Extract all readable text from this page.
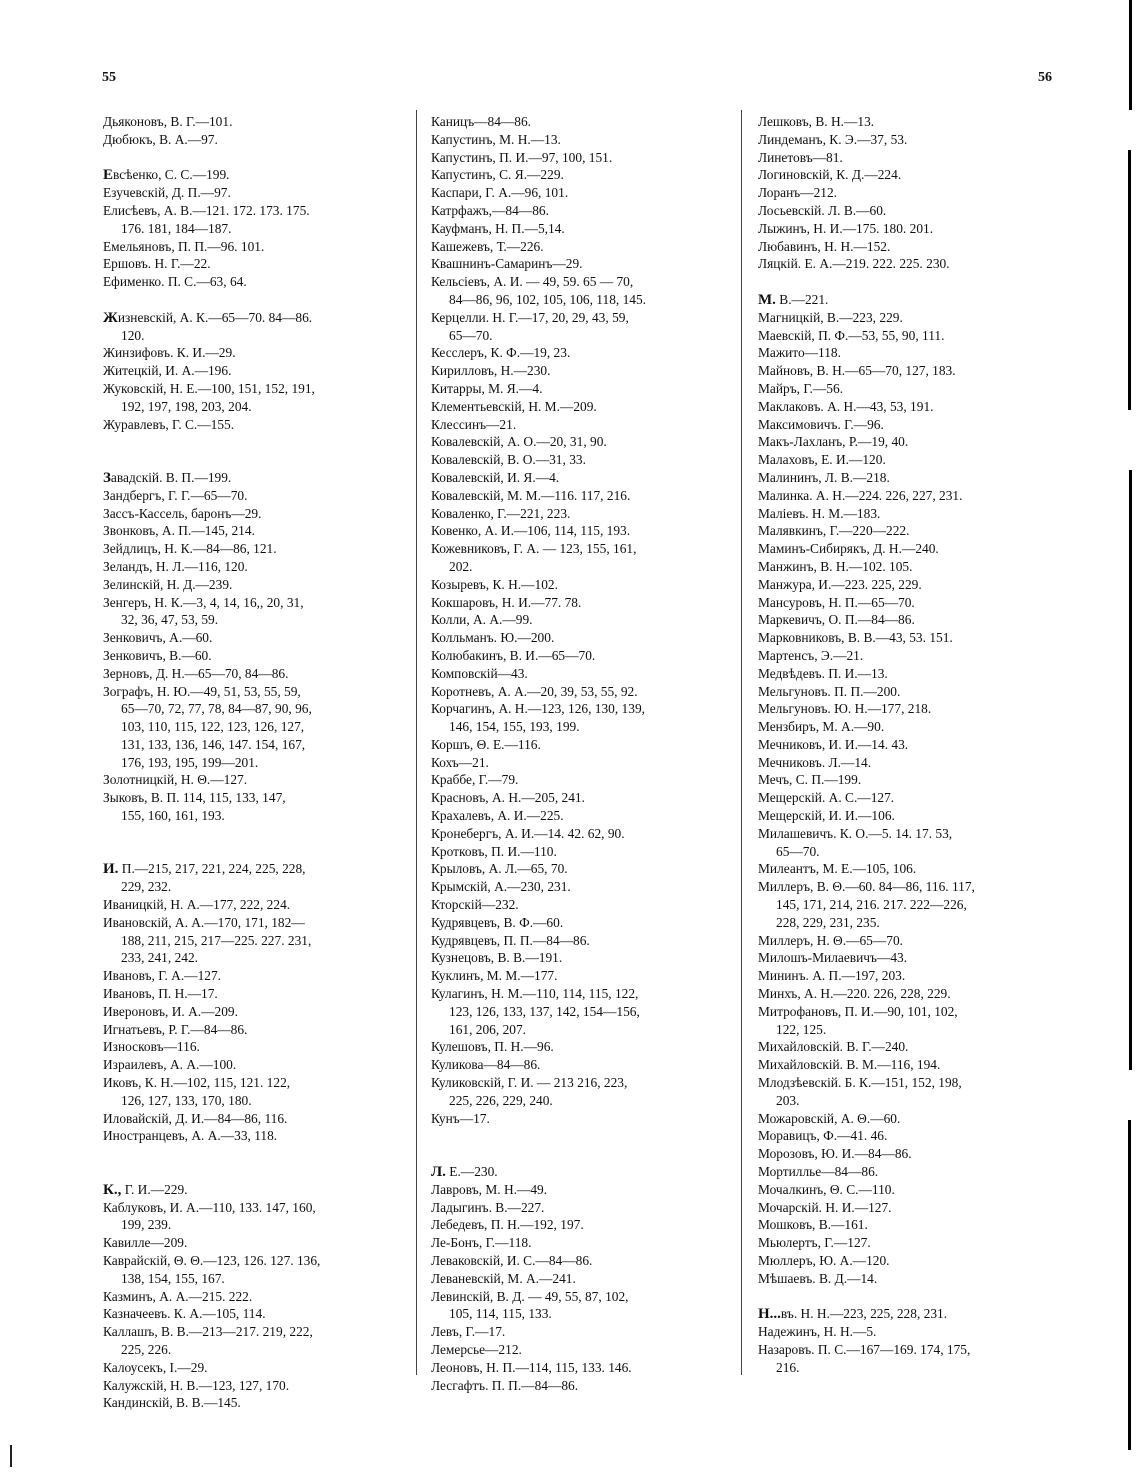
55	56
Дьяконовъ, В. Г.—101.
Дюбюкъ, В. А.—97.
Евсѣенко, С. С.—199.
Езучевскій, Д. П.—97.
Елисѣевъ, А. В.—121. 172. 173. 175.
176. 181, 184—187.
Емельяновъ, П. П.—96. 101.
Ершовъ. Н. Г.—22.
Ефименко. П. С.—63, 64.
Жизневскій, А. К.—65—70. 84—86.
120.
Жинзифовъ. К. И.—29.
Житецкій, И. А.—196.
Жуковскій, Н. Е.—100, 151, 152, 191,
192, 197, 198, 203, 204.
Журавлевъ, Г. С.—155.
Завадскій. В. П.—199.
Зандбергъ, Г. Г.—65—70.
Зассъ-Кассель, баронъ—29.
Звонковъ, А. П.—145, 214.
Зейдлицъ, Н. К.—84—86, 121.
Зеландъ, Н. Л.—116, 120.
Зелинскій, Н. Д.—239.
Зенгеръ, Н. К.—3, 4, 14, 16,, 20, 31,
32, 36, 47, 53, 59.
Зенковичъ, А.—60.
Зенковичъ, В.—60.
Зерновъ, Д. Н.—65—70, 84—86.
Зографъ, Н. Ю.—49, 51, 53, 55, 59,
65—70, 72, 77, 78, 84—87, 90, 96,
103, 110, 115, 122, 123, 126, 127,
131, 133, 136, 146, 147. 154, 167,
176, 193, 195, 199—201.
Золотницкій, Н. Θ.—127.
Зыковъ, В. П. 114, 115, 133, 147,
155, 160, 161, 193.
И. П.—215, 217, 221, 224, 225, 228,
229, 232.
Иваницкій, Н. А.—177, 222, 224.
Ивановскій, А. А.—170, 171, 182—
188, 211, 215, 217—225. 227. 231,
233, 241, 242.
Ивановъ, Г. А.—127.
Ивановъ, П. Н.—17.
Ивероновъ, И. А.—209.
Игнатьевъ, Р. Г.—84—86.
Износковъ—116.
Израилевъ, А. А.—100.
Иковъ, К. Н.—102, 115, 121. 122,
126, 127, 133, 170, 180.
Иловайскій, Д. И.—84—86, 116.
Иностранцевъ, А. А.—33, 118.
К., Г. И.—229.
Каблуковъ, И. А.—110, 133. 147, 160,
199, 239.
Кавилле—209.
Каврайскій, Θ. Θ.—123, 126. 127. 136,
138, 154, 155, 167.
Казминъ, А. А.—215. 222.
Казначеевъ. К. А.—105, 114.
Каллашъ, В. В.—213—217. 219, 222,
225, 226.
Калоусекъ, I.—29.
Калужскій, Н. В.—123, 127, 170.
Кандинскій, В. В.—145.
Каницъ—84—86.
Капустинъ, М. Н.—13.
Капустинъ, П. И.—97, 100, 151.
Капустинъ, С. Я.—229.
Каспари, Г. А.—96, 101.
Катрфажъ,—84—86.
Кауфманъ, Н. П.—5,14.
Кашежевъ, Т.—226.
Квашнинъ-Самаринъ—29.
Кельсіевъ, А. И. — 49, 59. 65 — 70,
84—86, 96, 102, 105, 106, 118, 145.
Керцелли. Н. Г.—17, 20, 29, 43, 59,
65—70.
Кесслеръ, К. Ф.—19, 23.
Кирилловъ, Н.—230.
Китарры, М. Я.—4.
Клементьевскій, Н. М.—209.
Клессинъ—21.
Ковалевскій, А. О.—20, 31, 90.
Ковалевскій, В. О.—31, 33.
Ковалевскій, И. Я.—4.
Ковалевскій, М. М.—116. 117, 216.
Коваленко, Г.—221, 223.
Ковенко, А. И.—106, 114, 115, 193.
Кожевниковъ, Г. А. — 123, 155, 161,
202.
Козыревъ, К. Н.—102.
Кокшаровъ, Н. И.—77. 78.
Колли, А. А.—99.
Колльманъ. Ю.—200.
Колюбакинъ, В. И.—65—70.
Комповскій—43.
Коротневъ, А. А.—20, 39, 53, 55, 92.
Корчагинъ, А. Н.—123, 126, 130, 139,
146, 154, 155, 193, 199.
Коршъ, Θ. Е.—116.
Кохъ—21.
Краббе, Г.—79.
Красновъ, А. Н.—205, 241.
Крахалевъ, А. И.—225.
Кронебергъ, А. И.—14. 42. 62, 90.
Кротковъ, П. И.—110.
Крыловъ, А. Л.—65, 70.
Крымскій, А.—230, 231.
Кторскій—232.
Кудрявцевъ, В. Ф.—60.
Кудрявцевъ, П. П.—84—86.
Кузнецовъ, В. В.—191.
Куклинъ, М. М.—177.
Кулагинъ, Н. М.—110, 114, 115, 122,
123, 126, 133, 137, 142, 154—156,
161, 206, 207.
Кулешовъ, П. Н.—96.
Куликова—84—86.
Куликовскій, Г. И. — 213 216, 223,
225, 226, 229, 240.
Кунъ—17.
Л. Е.—230.
Лавровъ, М. Н.—49.
Ладыгинъ. В.—227.
Лебедевъ, П. Н.—192, 197.
Ле-Бонъ, Г.—118.
Леваковскій, И. С.—84—86.
Леваневскій, М. А.—241.
Левинскій, В. Д. — 49, 55, 87, 102,
105, 114, 115, 133.
Левъ, Г.—17.
Лемерсье—212.
Леоновъ, Н. П.—114, 115, 133. 146.
Лесгафтъ. П. П.—84—86.
Лешковъ, В. Н.—13.
Линдеманъ, К. Э.—37, 53.
Линетовъ—81.
Логиновскій, К. Д.—224.
Лоранъ—212.
Лосьевскій. Л. В.—60.
Лыжинъ, Н. И.—175. 180. 201.
Любавинъ, Н. Н.—152.
Ляцкій. Е. А.—219. 222. 225. 230.
М. В.—221.
Магницкій, В.—223, 229.
Маевскій, П. Ф.—53, 55, 90, 111.
Мажито—118.
Майновъ, В. Н.—65—70, 127, 183.
Майръ, Г.—56.
Маклаковъ. А. Н.—43, 53, 191.
Максимовичъ. Г.—96.
Макъ-Лахланъ, Р.—19, 40.
Малаховъ, Е. И.—120.
Малининъ, Л. В.—218.
Малинка. А. Н.—224. 226, 227, 231.
Маліевъ. Н. М.—183.
Малявкинъ, Г.—220—222.
Маминъ-Сибирякъ, Д. Н.—240.
Манжинъ, В. Н.—102. 105.
Манжура, И.—223. 225, 229.
Мансуровъ, Н. П.—65—70.
Маркевичъ, О. П.—84—86.
Марковниковъ, В. В.—43, 53. 151.
Мартенсъ, Э.—21.
Медвѣдевъ. П. И.—13.
Мельгуновъ. П. П.—200.
Мельгуновъ. Ю. Н.—177, 218.
Мензбиръ, М. А.—90.
Мечниковъ, И. И.—14. 43.
Мечниковъ. Л.—14.
Мечъ, С. П.—199.
Мещерскій. А. С.—127.
Мещерскій, И. И.—106.
Милашевичъ. К. О.—5. 14. 17. 53,
65—70.
Милеантъ, М. Е.—105, 106.
Миллеръ, В. Θ.—60. 84—86, 116. 117,
145, 171, 214, 216. 217. 222—226,
228, 229, 231, 235.
Миллеръ, Н. Θ.—65—70.
Милошъ-Милаевичъ—43.
Мининъ. А. П.—197, 203.
Минхъ, А. Н.—220. 226, 228, 229.
Митрофановъ, П. И.—90, 101, 102,
122, 125.
Михайловскій. В. Г.—240.
Михайловскій. В. М.—116, 194.
Млодзѣевскій. Б. К.—151, 152, 198,
203.
Можаровскій, А. Θ.—60.
Моравицъ, Ф.—41. 46.
Морозовъ, Ю. И.—84—86.
Мортиллье—84—86.
Мочалкинъ, Θ. С.—110.
Мочарскій. Н. И.—127.
Мошковъ, В.—161.
Мьюлертъ, Г.—127.
Мюллеръ, Ю. А.—120.
Мѣшаевъ. В. Д.—14.
Н...въ. Н. Н.—223, 225, 228, 231.
Надежинъ, Н. Н.—5.
Назаровъ. П. С.—167—169. 174, 175,
216.
